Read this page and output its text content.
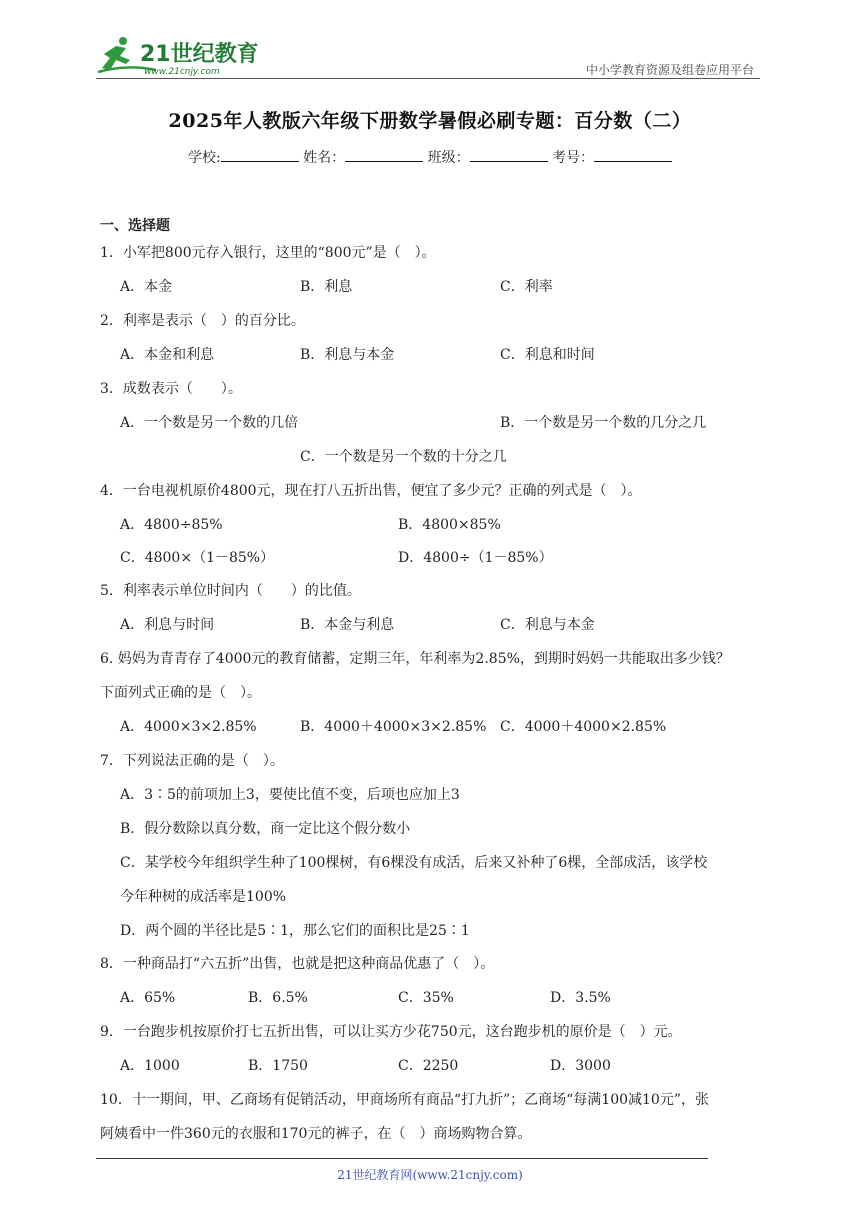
21世纪教育
www.21cnjy.com	中小学教育资源及组卷应用平台
2025年人教版六年级下册数学暑假必刷专题：百分数（二）
学校:	姓名：	班级：	考号：
一、选择题
1．小军把800元存入银行，这里的“800元”是（　）。
A．本金	B．利息	C．利率
2．利率是表示（　）的百分比。
A．本金和利息	B．利息与本金	C．利息和时间
3．成数表示（　　）。
A．一个数是另一个数的几倍	B．一个数是另一个数的几分之几
C．一个数是另一个数的十分之几
4．一台电视机原价4800元，现在打八五折出售，便宜了多少元？正确的列式是（　）。
A．4800÷85%	B．4800×85%
C．4800×（1－85%）	D．4800÷（1－85%）
5．利率表示单位时间内（　　）的比值。
A．利息与时间	B．本金与利息	C．利息与本金
6. 妈妈为青青存了4000元的教育储蓄，定期三年，年利率为2.85%，到期时妈妈一共能取出多少钱？
下面列式正确的是（　）。
A．4000×3×2.85%	B．4000＋4000×3×2.85% C．4000＋4000×2.85%
7．下列说法正确的是（　）。
A．3∶5的前项加上3，要使比值不变，后项也应加上3
B．假分数除以真分数，商一定比这个假分数小
C．某学校今年组织学生种了100棵树，有6棵没有成活，后来又补种了6棵，全部成活，该学校
今年种树的成活率是100%
D．两个圆的半径比是5∶1，那么它们的面积比是25∶1
8．一种商品打“六五折”出售，也就是把这种商品优惠了（　）。
A．65%	B．6.5%	C．35%	D．3.5%
9．一台跑步机按原价打七五折出售，可以让买方少花750元，这台跑步机的原价是（　）元。
A．1000	B．1750	C．2250	D．3000
10．十一期间，甲、乙商场有促销活动，甲商场所有商品“打九折”；乙商场“每满100减10元”，张
阿姨看中一件360元的衣服和170元的裤子，在（　）商场购物合算。
21世纪教育网(www.21cnjy.com)
